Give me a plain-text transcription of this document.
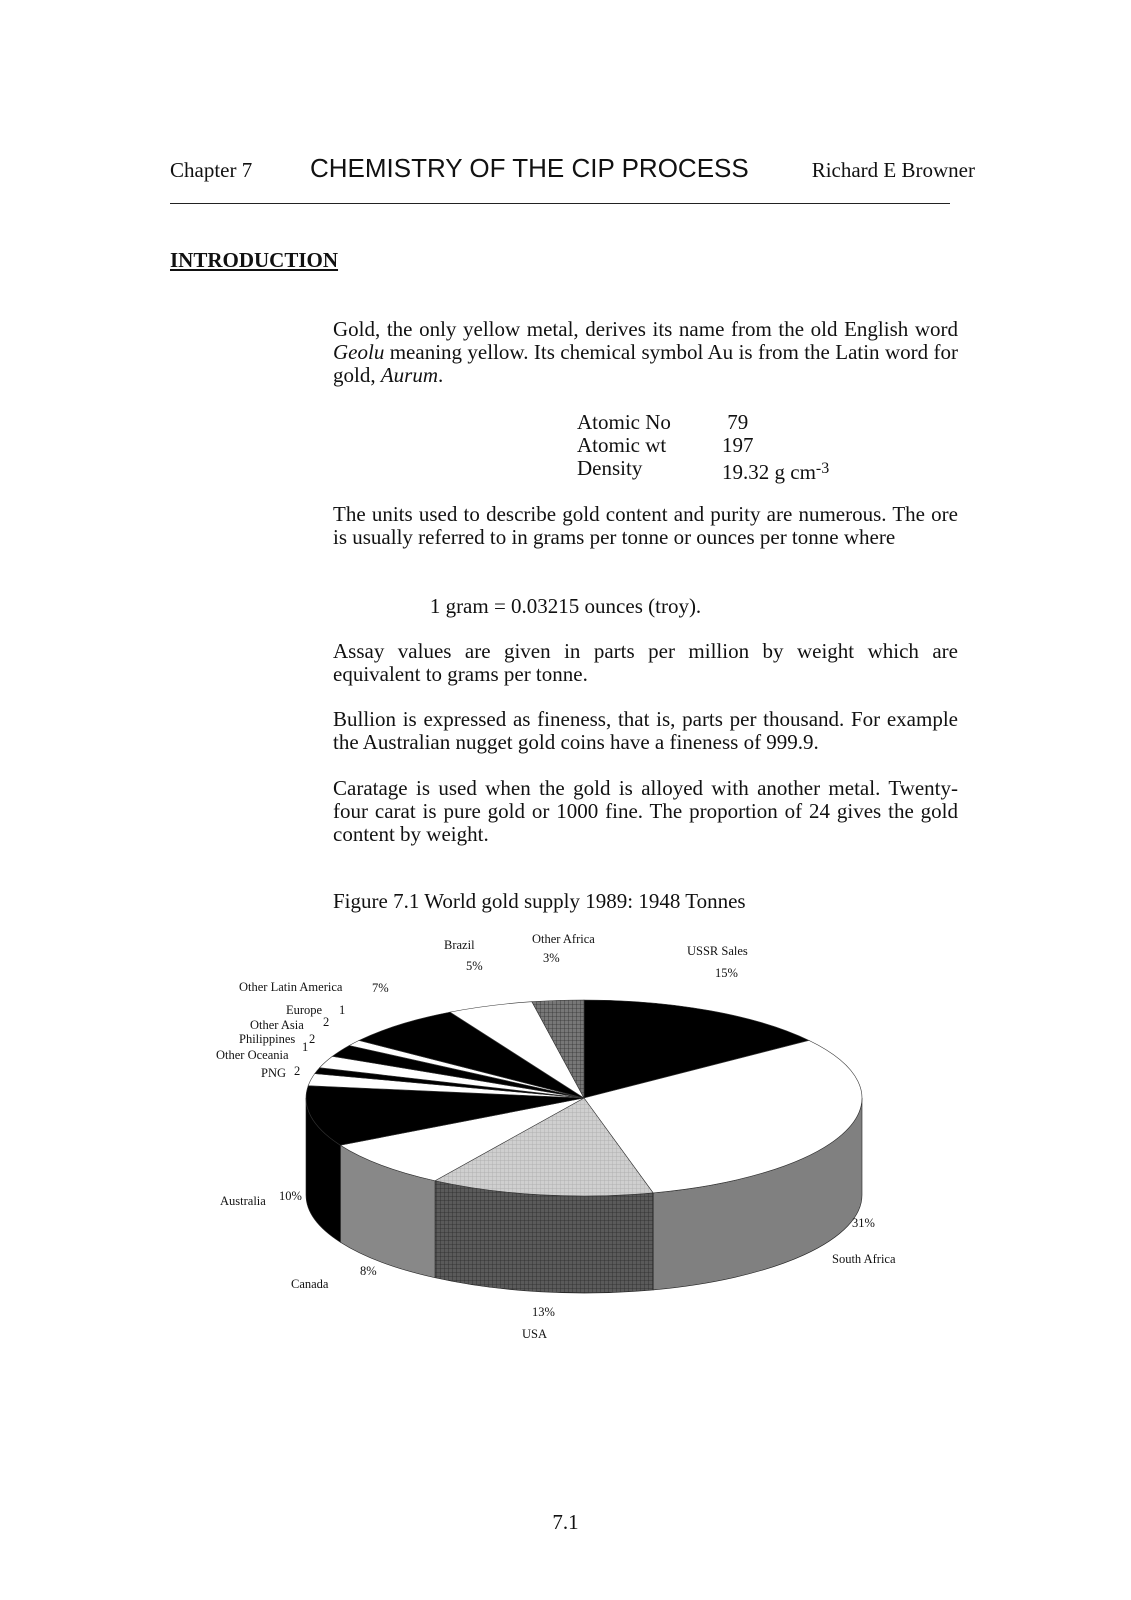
Chapter 7 CHEMISTRY OF THE CIP PROCESS	Richard E Browner
INTRODUCTION

Gold, the only yellow metal, derives its name from the old English word Geolu meaning yellow. Its chemical symbol Au is from the Latin word for gold, Aurum.

Atomic No	79
Atomic wt	197
Density	19.32 g $cm^{-3}$

The units used to describe gold content and purity are numerous. The ore is usually referred to in grams per tonne or ounces per tonne where

1 gram = 0.03215 ounces (troy).

Assay values are given in parts per million by weight which are equivalent to grams per tonne.

Bullion is expressed as fineness, that is, parts per thousand. For example the Australian nugget gold coins have a fineness of 999.9.

Caratage is used when the gold is alloyed with another metal. Twenty-four carat is pure gold or 1000 fine. The proportion of 24 gives the gold content by weight.

Figure 7.1 World gold supply 1989: 1948 Tonnes
USSR Sales
15%
31%
South Africa
13%
USA
8%
Canada
10%
Australia
PNG 2
Other Oceania
1
Philippines 2
Other Asia 2
Europe 1
Other Latin America 7%
Brazil
5%
Other Africa
3%
7.1
